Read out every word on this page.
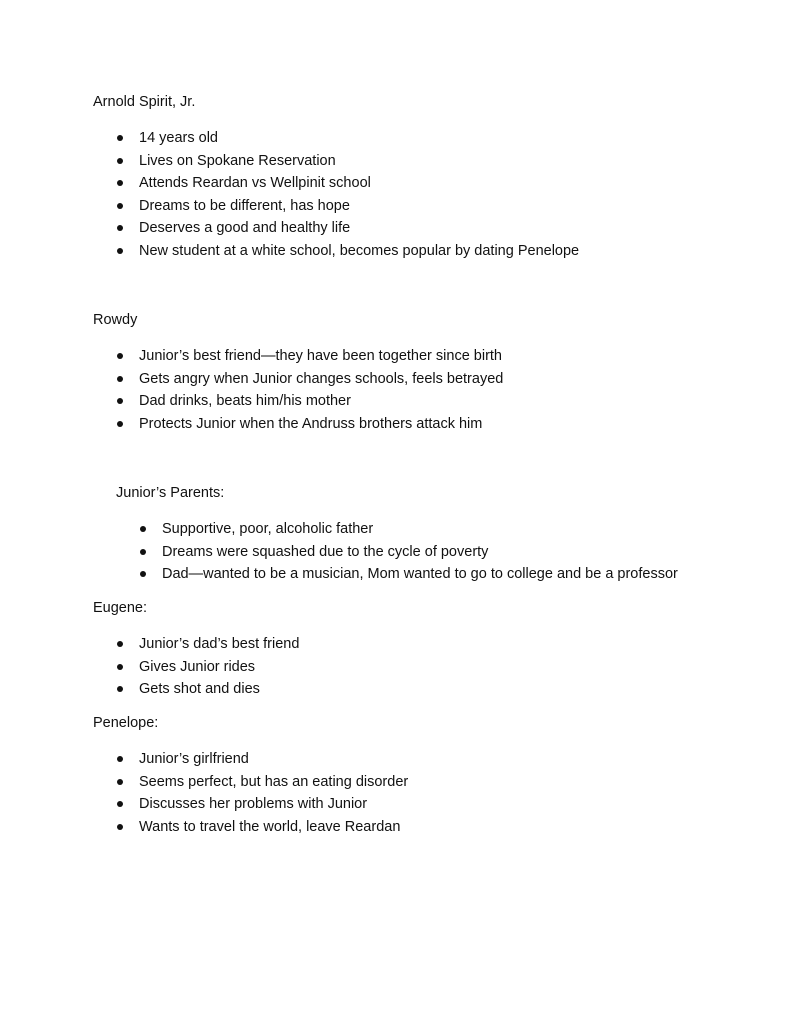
Arnold Spirit, Jr.

14 years old
Lives on Spokane Reservation
Attends Reardan vs Wellpinit school
Dreams to be different, has hope
Deserves a good and healthy life
New student at a white school, becomes popular by dating Penelope

Rowdy

Junior’s best friend—they have been together since birth
Gets angry when Junior changes schools, feels betrayed
Dad drinks, beats him/his mother
Protects Junior when the Andruss brothers attack him

Junior’s Parents:

Supportive, poor, alcoholic father
Dreams were squashed due to the cycle of poverty
Dad—wanted to be a musician, Mom wanted to go to college and be a professor

Eugene:

Junior’s dad’s best friend
Gives Junior rides
Gets shot and dies

Penelope:

Junior’s girlfriend
Seems perfect, but has an eating disorder
Discusses her problems with Junior
Wants to travel the world, leave Reardan
